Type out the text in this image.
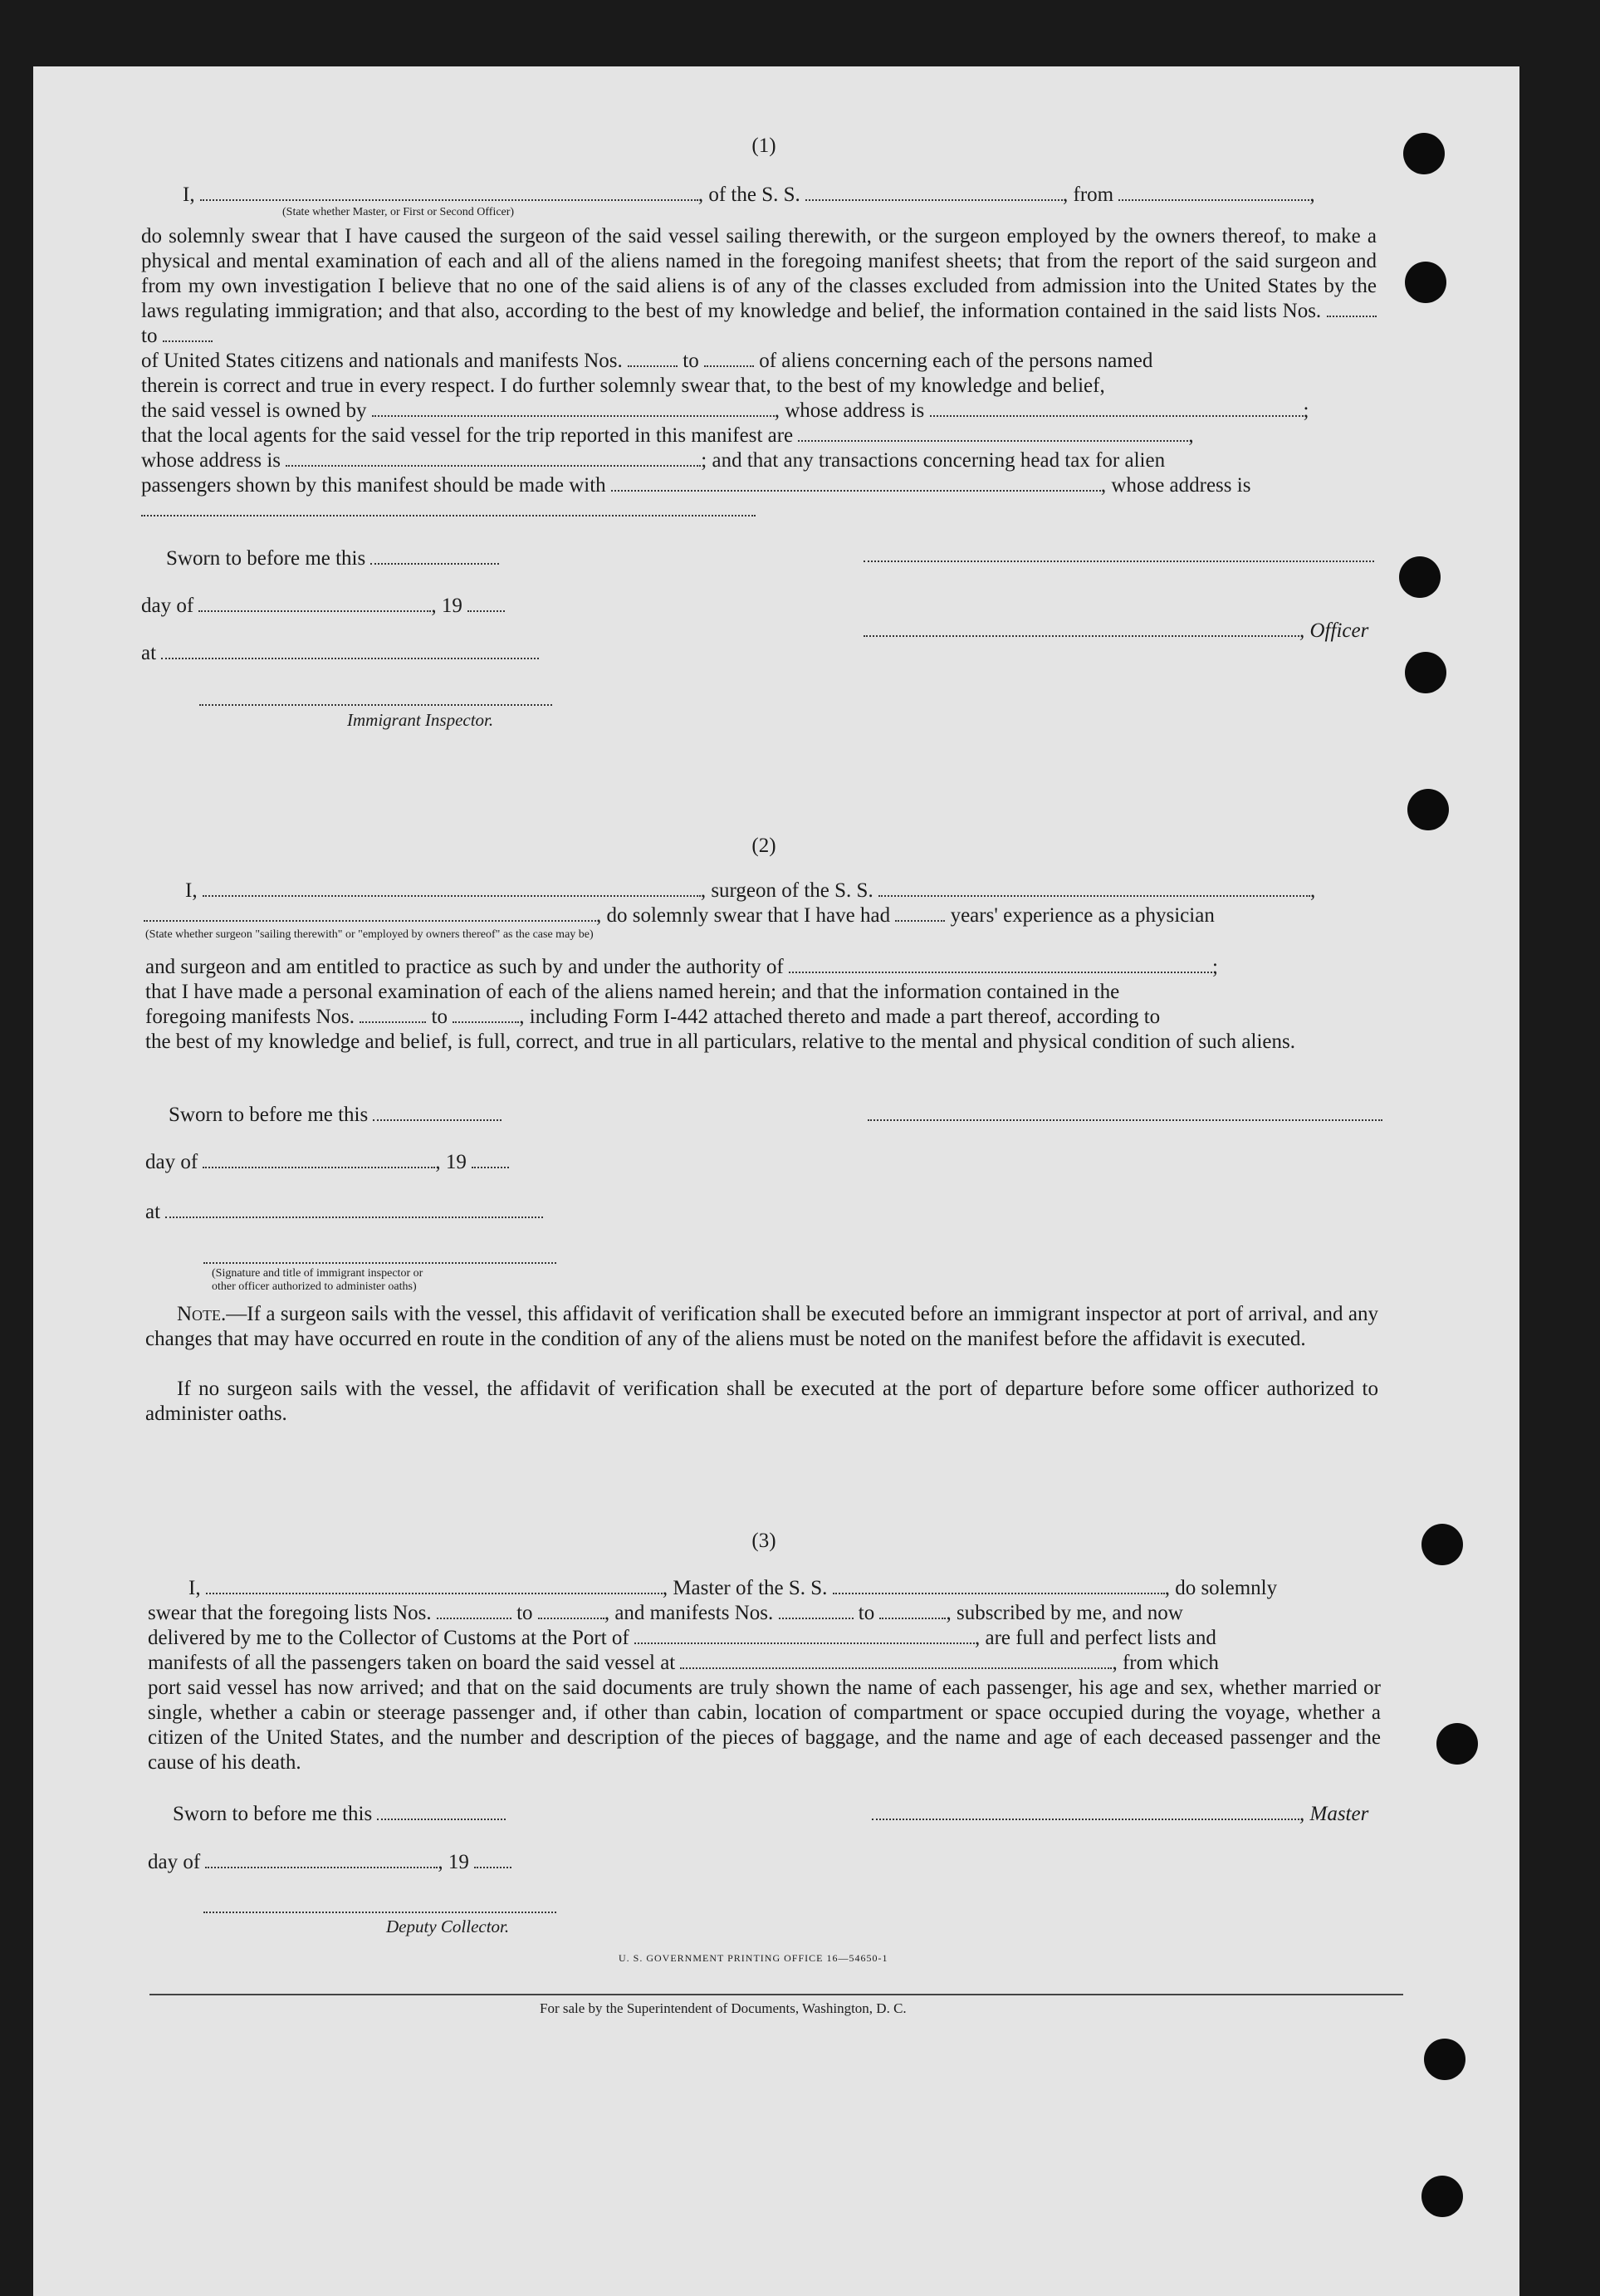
(1)
I,	, of the S. S.	, from	,
(State whether Master, or First or Second Officer)
do solemnly swear that I have caused the surgeon of the said vessel sailing therewith, or the surgeon employed by the owners thereof, to make a physical and mental examination of each and all of the aliens named in the foregoing manifest sheets; that from the report of the said surgeon and from my own investigation I believe that no one of the said aliens is of any of the classes excluded from admission into the United States by the laws regulating immigration; and that also, according to the best of my knowledge and belief, the information contained in the said lists Nos.  to
of United States citizens and nationals and manifests Nos.	to	of aliens concerning each of the persons named
therein is correct and true in every respect. I do further solemnly swear that, to the best of my knowledge and belief,
the said vessel is owned by	, whose address is	;
that the local agents for the said vessel for the trip reported in this manifest are	,
whose address is	; and that any transactions concerning head tax for alien
passengers shown by this manifest should be made with	, whose address is
Sworn to before me this
day of	, 19
at
Immigrant Inspector.
, Officer
(2)
I,	, surgeon of the S. S.	,
, do solemnly swear that I have had	years' experience as a physician
(State whether surgeon "sailing therewith" or "employed by owners thereof" as the case may be)
and surgeon and am entitled to practice as such by and under the authority of	;
that I have made a personal examination of each of the aliens named herein; and that the information contained in the
foregoing manifests Nos.	to	, including Form I-442 attached thereto and made a part thereof, according to
the best of my knowledge and belief, is full, correct, and true in all particulars, relative to the mental and physical condition of such aliens.
Sworn to before me this
day of	, 19
at
(Signature and title of immigrant inspector or
other officer authorized to administer oaths)
Note.—If a surgeon sails with the vessel, this affidavit of verification shall be executed before an immigrant inspector at port of arrival, and any changes that may have occurred en route in the condition of any of the aliens must be noted on the manifest before the affidavit is executed.
If no surgeon sails with the vessel, the affidavit of verification shall be executed at the port of departure before some officer authorized to administer oaths.
(3)
I,	, Master of the S. S.	, do solemnly
swear that the foregoing lists Nos.	to	, and manifests Nos.	to	, subscribed by me, and now
delivered by me to the Collector of Customs at the Port of	, are full and perfect lists and
manifests of all the passengers taken on board the said vessel at	, from which
port said vessel has now arrived; and that on the said documents are truly shown the name of each passenger, his age and sex, whether married or single, whether a cabin or steerage passenger and, if other than cabin, location of compartment or space occupied during the voyage, whether a citizen of the United States, and the number and description of the pieces of baggage, and the name and age of each deceased passenger and the cause of his death.
Sworn to before me this
day of	, 19
Deputy Collector.
, Master
U. S. GOVERNMENT PRINTING OFFICE 16—54650-1
For sale by the Superintendent of Documents, Washington, D. C.
